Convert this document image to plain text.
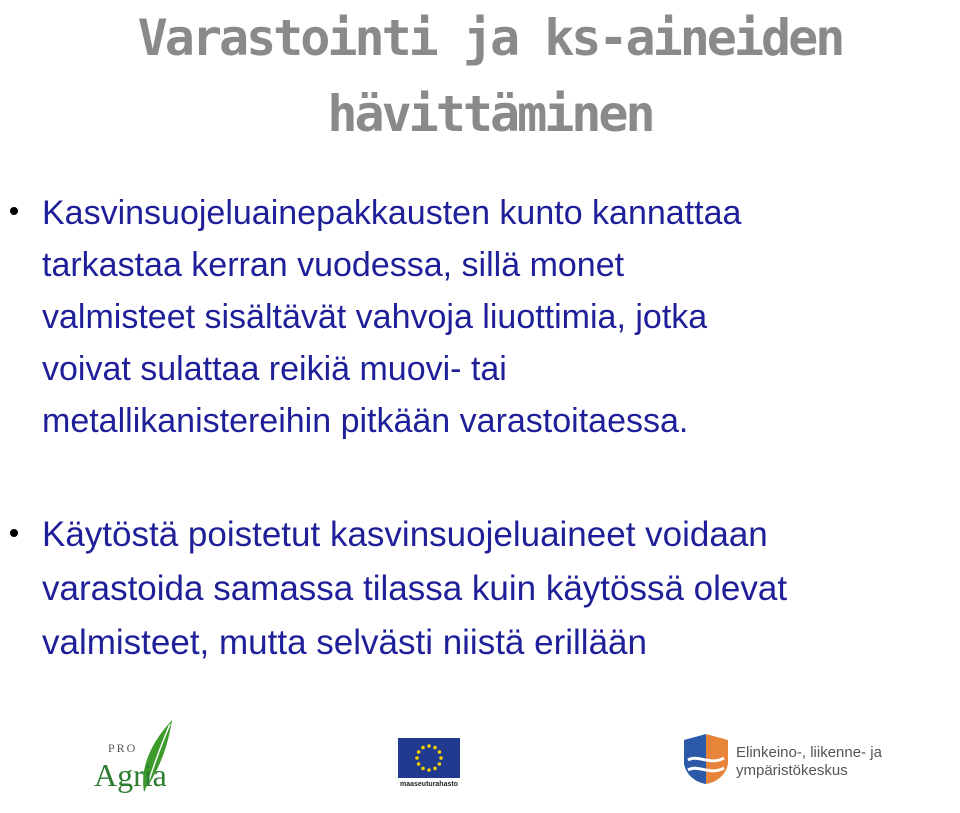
Varastointi ja ks-aineiden
hävittäminen
Kasvinsuojeluainepakkausten kunto kannattaa
tarkastaa kerran vuodessa, sillä monet
valmisteet sisältävät vahvoja liuottimia, jotka
voivat sulattaa reikiä muovi- tai
metallikanistereihin pitkään varastoitaessa.
Käytöstä poistetut kasvinsuojeluaineet voidaan
varastoida samassa tilassa kuin käytössä olevat
valmisteet, mutta selvästi niistä erillään
PRO
Agria	maaseuturahasto
Elinkeino-, liikenne- ja
ympäristökeskus
